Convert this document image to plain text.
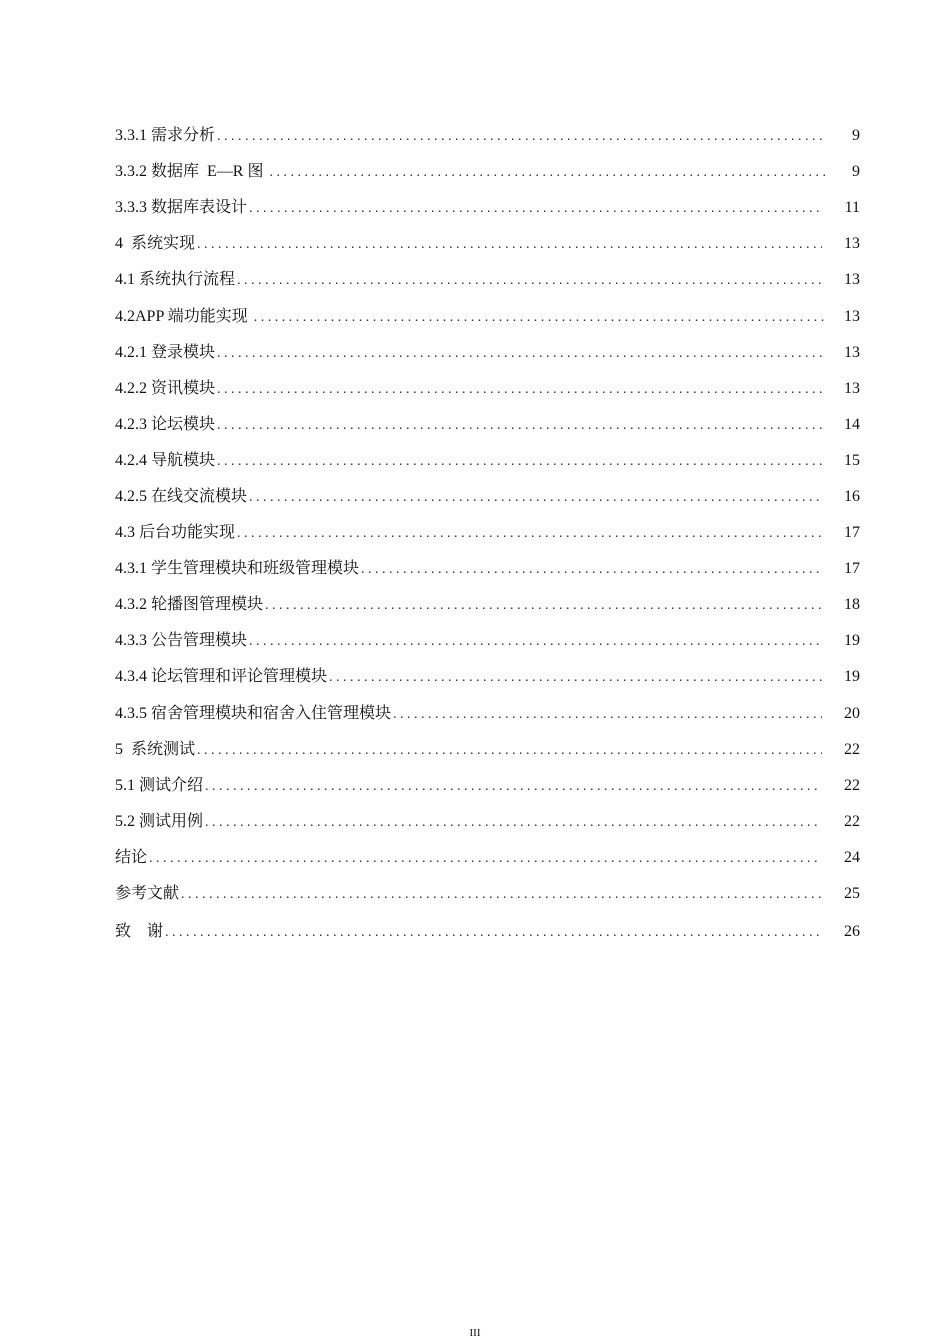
3.3.1 需求分析 . . .	9
3.3.2 数据库  E—R 图 . . .	9
3.3.3 数据库表设计 . . .	11
4  系统实现 . . .	13
4.1 系统执行流程 . . .	13
4.2APP 端功能实现 . . .	13
4.2.1 登录模块 . . .	13
4.2.2 资讯模块 . . .	13
4.2.3 论坛模块 . . .	14
4.2.4 导航模块 . . .	15
4.2.5 在线交流模块 . . .	16
4.3 后台功能实现 . . .	17
4.3.1 学生管理模块和班级管理模块 . . .	17
4.3.2 轮播图管理模块 . . .	18
4.3.3 公告管理模块 . . .	19
4.3.4 论坛管理和评论管理模块 . . .	19
4.3.5 宿舍管理模块和宿舍入住管理模块 . . .	20
5  系统测试 . . .	22
5.1 测试介绍 . . .	22
5.2 测试用例 . . .	22
结论 . . .	24
参考文献 . . .	25
致    谢 . . .	26
III
